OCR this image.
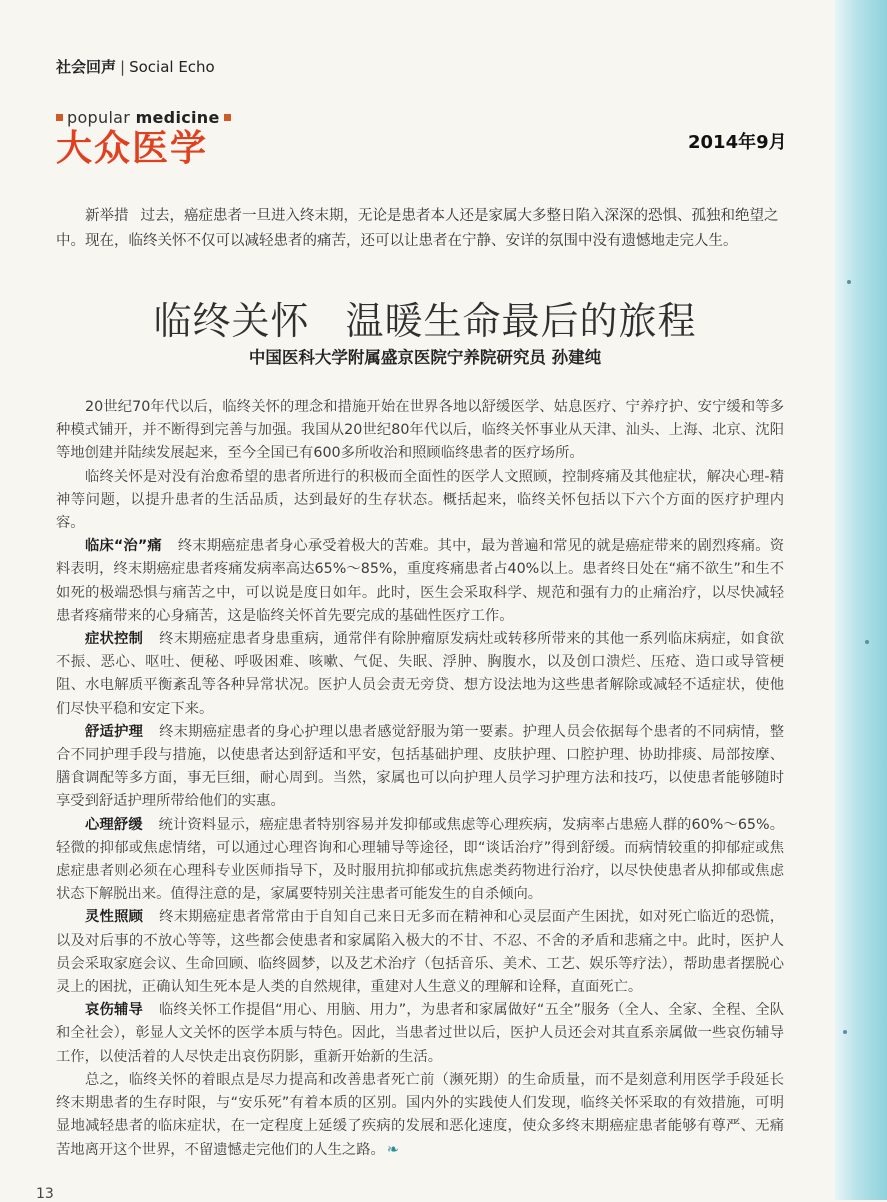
社会回声 | Social Echo
popular medicine
大众医学	2014年9月
新举措 过去，癌症患者一旦进入终末期，无论是患者本人还是家属大多整日陷入深深的恐惧、孤独和绝望之中。现在，临终关怀不仅可以减轻患者的痛苦，还可以让患者在宁静、安详的氛围中没有遗憾地走完人生。
临终关怀 温暖生命最后的旅程
中国医科大学附属盛京医院宁养院研究员 孙建纯

20世纪70年代以后，临终关怀的理念和措施开始在世界各地以舒缓医学、姑息医疗、宁养疗护、安宁缓和等多种模式铺开，并不断得到完善与加强。我国从20世纪80年代以后，临终关怀事业从天津、汕头、上海、北京、沈阳等地创建并陆续发展起来，至今全国已有600多所收治和照顾临终患者的医疗场所。

临终关怀是对没有治愈希望的患者所进行的积极而全面性的医学人文照顾，控制疼痛及其他症状，解决心理-精神等问题，以提升患者的生活品质，达到最好的生存状态。概括起来，临终关怀包括以下六个方面的医疗护理内容。

临床“治”痛 终末期癌症患者身心承受着极大的苦难。其中，最为普遍和常见的就是癌症带来的剧烈疼痛。资料表明，终末期癌症患者疼痛发病率高达65%～85%，重度疼痛患者占40%以上。患者终日处在“痛不欲生”和生不如死的极端恐惧与痛苦之中，可以说是度日如年。此时，医生会采取科学、规范和强有力的止痛治疗，以尽快减轻患者疼痛带来的心身痛苦，这是临终关怀首先要完成的基础性医疗工作。

症状控制 终末期癌症患者身患重病，通常伴有除肿瘤原发病灶或转移所带来的其他一系列临床病症，如食欲不振、恶心、呕吐、便秘、呼吸困难、咳嗽、气促、失眠、浮肿、胸腹水，以及创口溃烂、压疮、造口或导管梗阻、水电解质平衡紊乱等各种异常状况。医护人员会责无旁贷、想方设法地为这些患者解除或减轻不适症状，使他们尽快平稳和安定下来。

舒适护理 终末期癌症患者的身心护理以患者感觉舒服为第一要素。护理人员会依据每个患者的不同病情，整合不同护理手段与措施，以使患者达到舒适和平安，包括基础护理、皮肤护理、口腔护理、协助排痰、局部按摩、膳食调配等多方面，事无巨细，耐心周到。当然，家属也可以向护理人员学习护理方法和技巧，以使患者能够随时享受到舒适护理所带给他们的实惠。

心理舒缓 统计资料显示，癌症患者特别容易并发抑郁或焦虑等心理疾病，发病率占患癌人群的60%～65%。轻微的抑郁或焦虑情绪，可以通过心理咨询和心理辅导等途径，即“谈话治疗”得到舒缓。而病情较重的抑郁症或焦虑症患者则必须在心理科专业医师指导下，及时服用抗抑郁或抗焦虑类药物进行治疗，以尽快使患者从抑郁或焦虑状态下解脱出来。值得注意的是，家属要特别关注患者可能发生的自杀倾向。

灵性照顾 终末期癌症患者常常由于自知自己来日无多而在精神和心灵层面产生困扰，如对死亡临近的恐慌，以及对后事的不放心等等，这些都会使患者和家属陷入极大的不甘、不忍、不舍的矛盾和悲痛之中。此时，医护人员会采取家庭会议、生命回顾、临终圆梦，以及艺术治疗（包括音乐、美术、工艺、娱乐等疗法），帮助患者摆脱心灵上的困扰，正确认知生死本是人类的自然规律，重建对人生意义的理解和诠释，直面死亡。

哀伤辅导 临终关怀工作提倡“用心、用脑、用力”，为患者和家属做好“五全”服务（全人、全家、全程、全队和全社会），彰显人文关怀的医学本质与特色。因此，当患者过世以后，医护人员还会对其直系亲属做一些哀伤辅导工作，以使活着的人尽快走出哀伤阴影，重新开始新的生活。

总之，临终关怀的着眼点是尽力提高和改善患者死亡前（濒死期）的生命质量，而不是刻意利用医学手段延长终末期患者的生存时限，与“安乐死”有着本质的区别。国内外的实践使人们发现，临终关怀采取的有效措施，可明显地减轻患者的临床症状，在一定程度上延缓了疾病的发展和恶化速度，使众多终末期癌症患者能够有尊严、无痛苦地离开这个世界，不留遗憾走完他们的人生之路。 ❧

13
